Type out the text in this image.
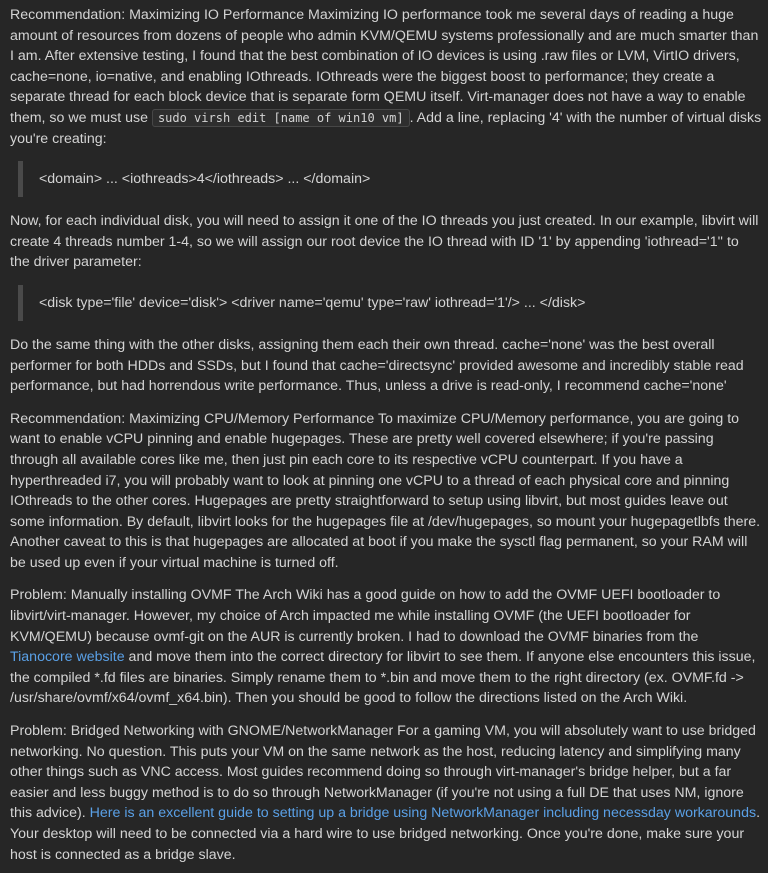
Recommendation: Maximizing IO Performance Maximizing IO performance took me several days of reading a huge amount of resources from dozens of people who admin KVM/QEMU systems professionally and are much smarter than I am. After extensive testing, I found that the best combination of IO devices is using .raw files or LVM, VirtIO drivers, cache=none, io=native, and enabling IOthreads. IOthreads were the biggest boost to performance; they create a separate thread for each block device that is separate form QEMU itself. Virt-manager does not have a way to enable them, so we must use sudo virsh edit [name of win10 vm] . Add a line, replacing '4' with the number of virtual disks you're creating:

<domain> ... <iothreads>4</iothreads> ... </domain>

Now, for each individual disk, you will need to assign it one of the IO threads you just created. In our example, libvirt will create 4 threads number 1-4, so we will assign our root device the IO thread with ID '1' by appending 'iothread='1'' to the driver parameter:

<disk type='file' device='disk'> <driver name='qemu' type='raw' iothread='1'/> ... </disk>

Do the same thing with the other disks, assigning them each their own thread. cache='none' was the best overall performer for both HDDs and SSDs, but I found that cache='directsync' provided awesome and incredibly stable read performance, but had horrendous write performance. Thus, unless a drive is read-only, I recommend cache='none'

Recommendation: Maximizing CPU/Memory Performance To maximize CPU/Memory performance, you are going to want to enable vCPU pinning and enable hugepages. These are pretty well covered elsewhere; if you're passing through all available cores like me, then just pin each core to its respective vCPU counterpart. If you have a hyperthreaded i7, you will probably want to look at pinning one vCPU to a thread of each physical core and pinning IOthreads to the other cores. Hugepages are pretty straightforward to setup using libvirt, but most guides leave out some information. By default, libvirt looks for the hugepages file at /dev/hugepages, so mount your hugepagetlbfs there. Another caveat to this is that hugepages are allocated at boot if you make the sysctl flag permanent, so your RAM will be used up even if your virtual machine is turned off.

Problem: Manually installing OVMF The Arch Wiki has a good guide on how to add the OVMF UEFI bootloader to libvirt/virt-manager. However, my choice of Arch impacted me while installing OVMF (the UEFI bootloader for KVM/QEMU) because ovmf-git on the AUR is currently broken. I had to download the OVMF binaries from the Tianocore website and move them into the correct directory for libvirt to see them. If anyone else encounters this issue, the compiled *.fd files are binaries. Simply rename them to *.bin and move them to the right directory (ex. OVMF.fd -> /usr/share/ovmf/x64/ovmf_x64.bin). Then you should be good to follow the directions listed on the Arch Wiki.

Problem: Bridged Networking with GNOME/NetworkManager For a gaming VM, you will absolutely want to use bridged networking. No question. This puts your VM on the same network as the host, reducing latency and simplifying many other things such as VNC access. Most guides recommend doing so through virt-manager's bridge helper, but a far easier and less buggy method is to do so through NetworkManager (if you're not using a full DE that uses NM, ignore this advice). Here is an excellent guide to setting up a bridge using NetworkManager including necessday workarounds. Your desktop will need to be connected via a hard wire to use bridged networking. Once you're done, make sure your host is connected as a bridge slave.
